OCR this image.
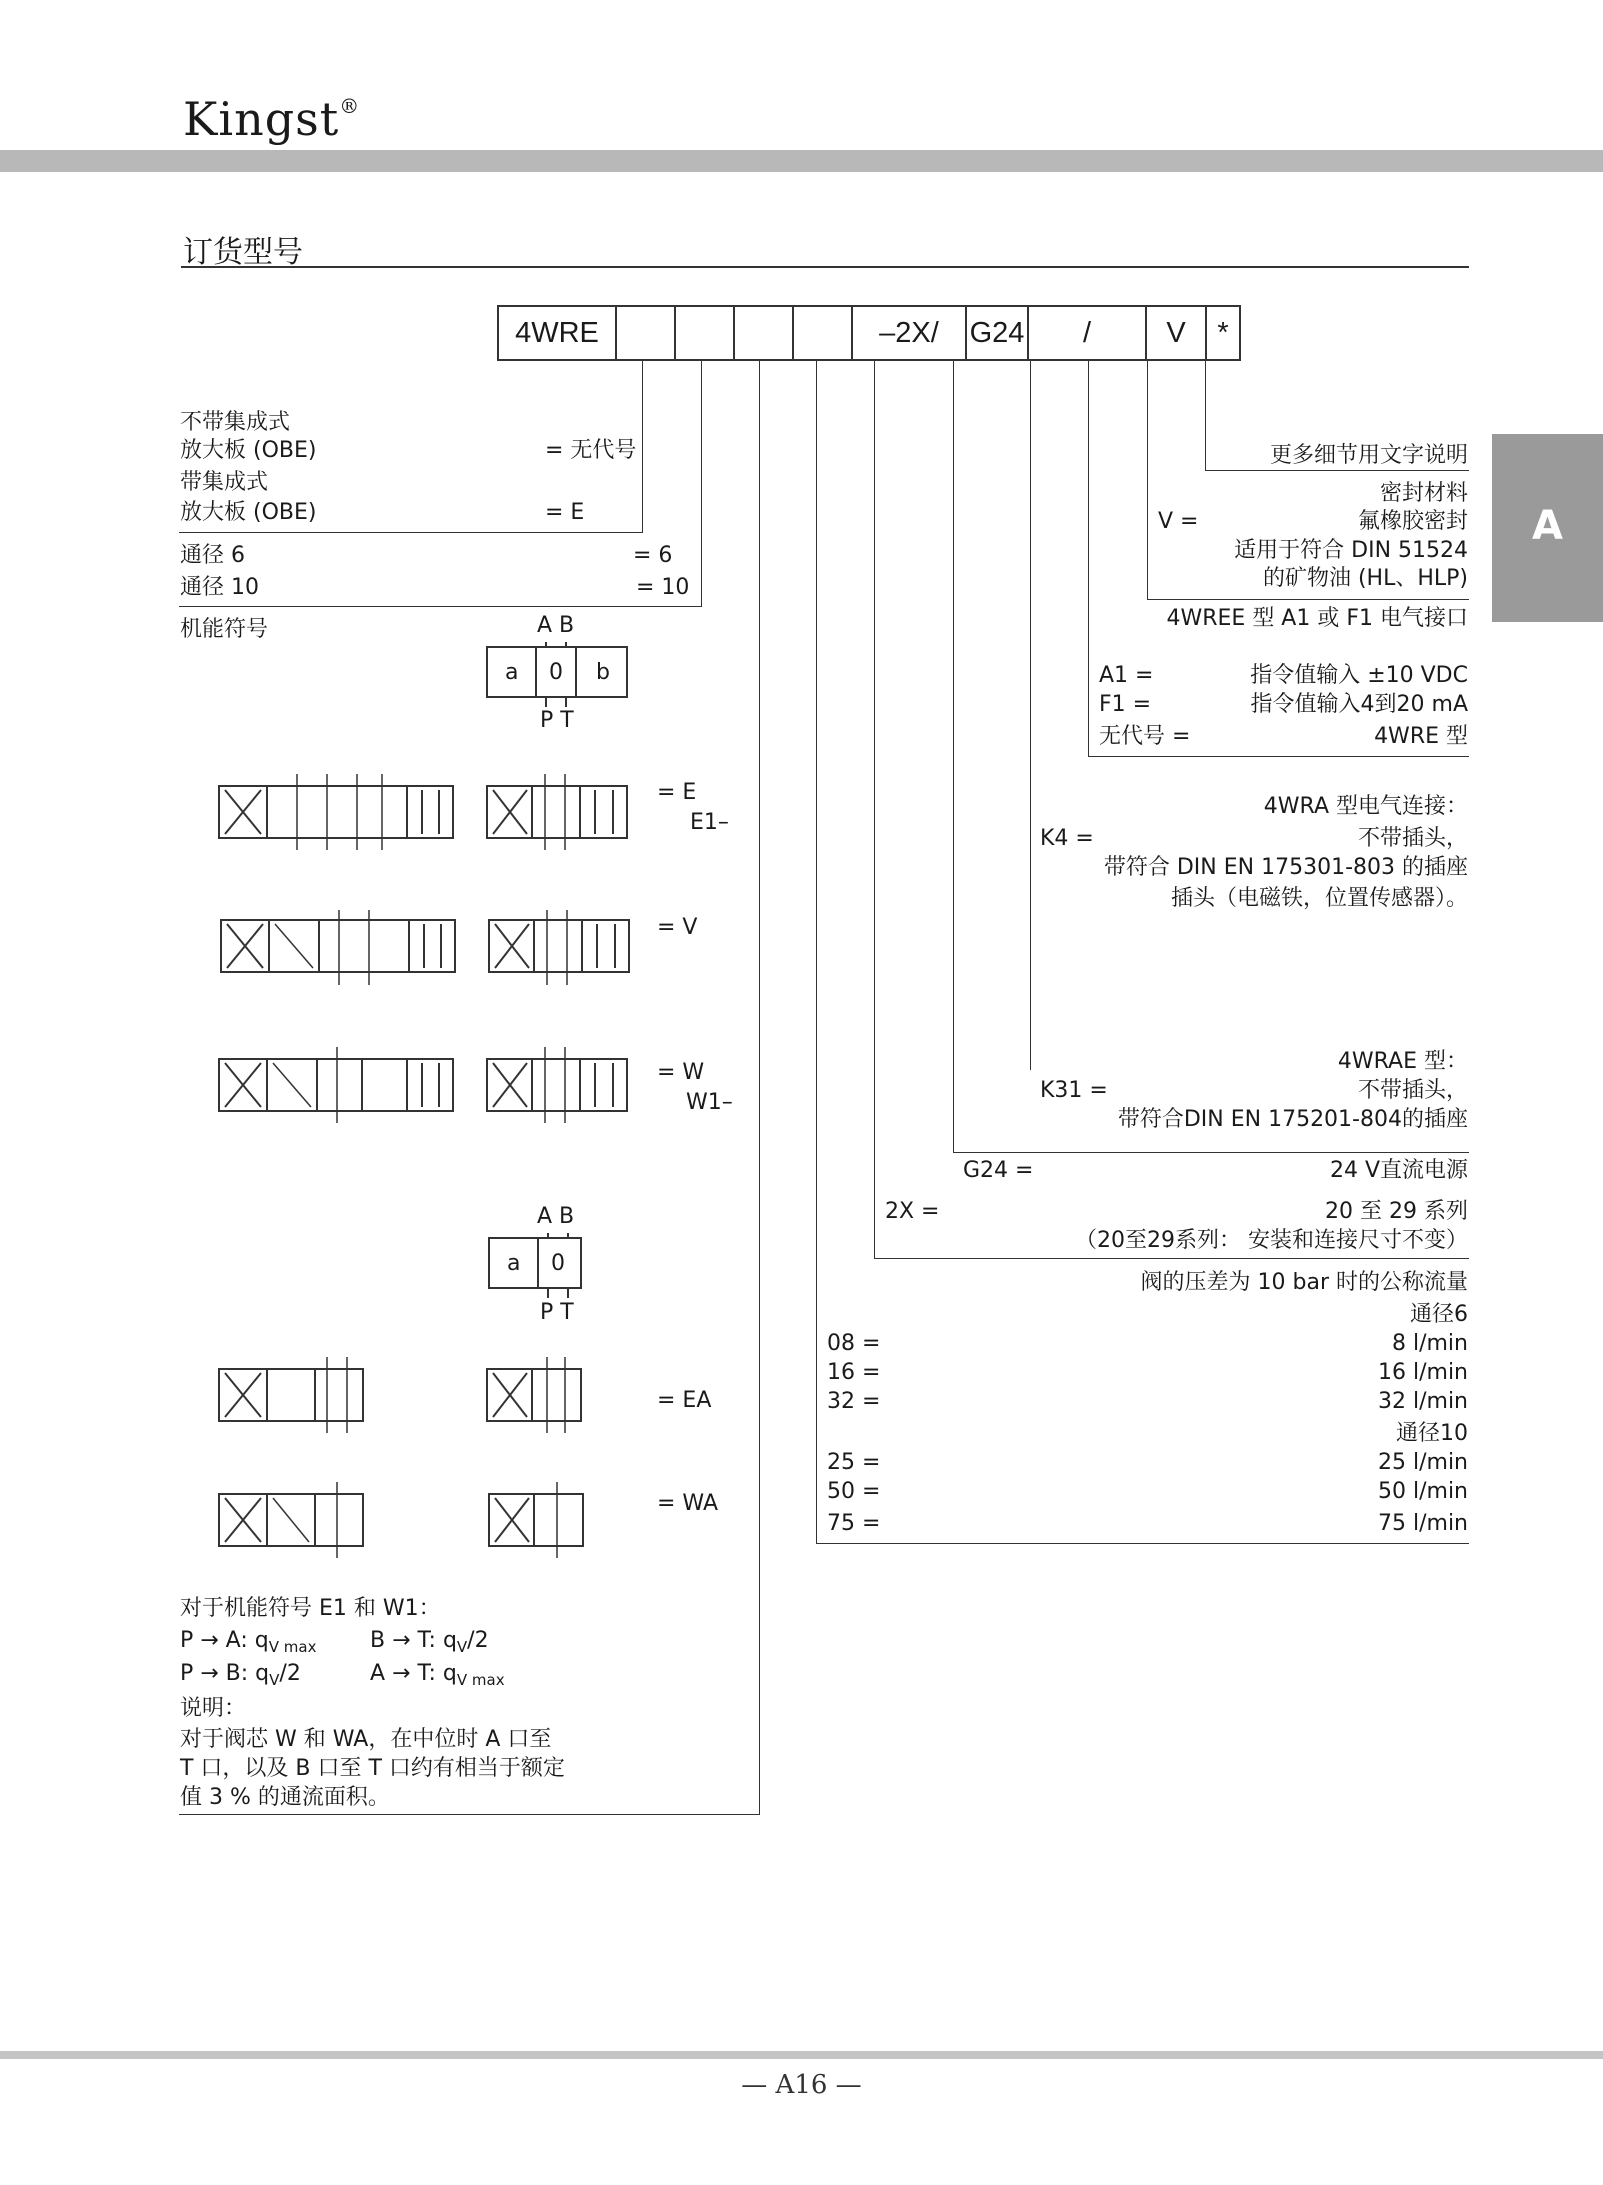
Kingst®
A
订货型号
4WRE	–2X/	G24	/	V	*
不带集成式
放大板 (OBE)	= 无代号
带集成式
放大板 (OBE)	= E
通径 6	= 6
通径 10	= 10
机能符号	A B
a 0 b
P T
= E
E1–
= V
= W
W1–
A B
a 0
P T
= EA
= WA
对于机能符号 E1 和 W1：
P → A: $q_{V max}$ B → T: $q_V/2$
P → B: $q_V/2$	A → T: $q_{V max}$
说明：
对于阀芯 W 和 WA，在中位时 A 口至
T 口，以及 B 口至 T 口约有相当于额定
值 3 % 的通流面积。
更多细节用文字说明
密封材料
V =	氟橡胶密封
适用于符合 DIN 51524
的矿物油 (HL、HLP)
4WREE 型 A1 或 F1 电气接口
A1 =	指令值输入 ±10 VDC
F1 =	指令值输入4到20 mA
无代号 =	4WRE 型
4WRA 型电气连接：
K4 =	不带插头，
带符合 DIN EN 175301-803 的插座
插头（电磁铁，位置传感器）。
4WRAE 型：
K31 =	不带插头，
带符合DIN EN 175201-804的插座
G24 =	24 V直流电源
2X =	20 至 29 系列
（20至29系列： 安装和连接尺寸不变）
阀的压差为 10 bar 时的公称流量
通径6
08 =	8 l/min
16 =	16 l/min
32 =	32 l/min
通径10
25 =	25 l/min
50 =	50 l/min
75 =	75 l/min
— A16 —
